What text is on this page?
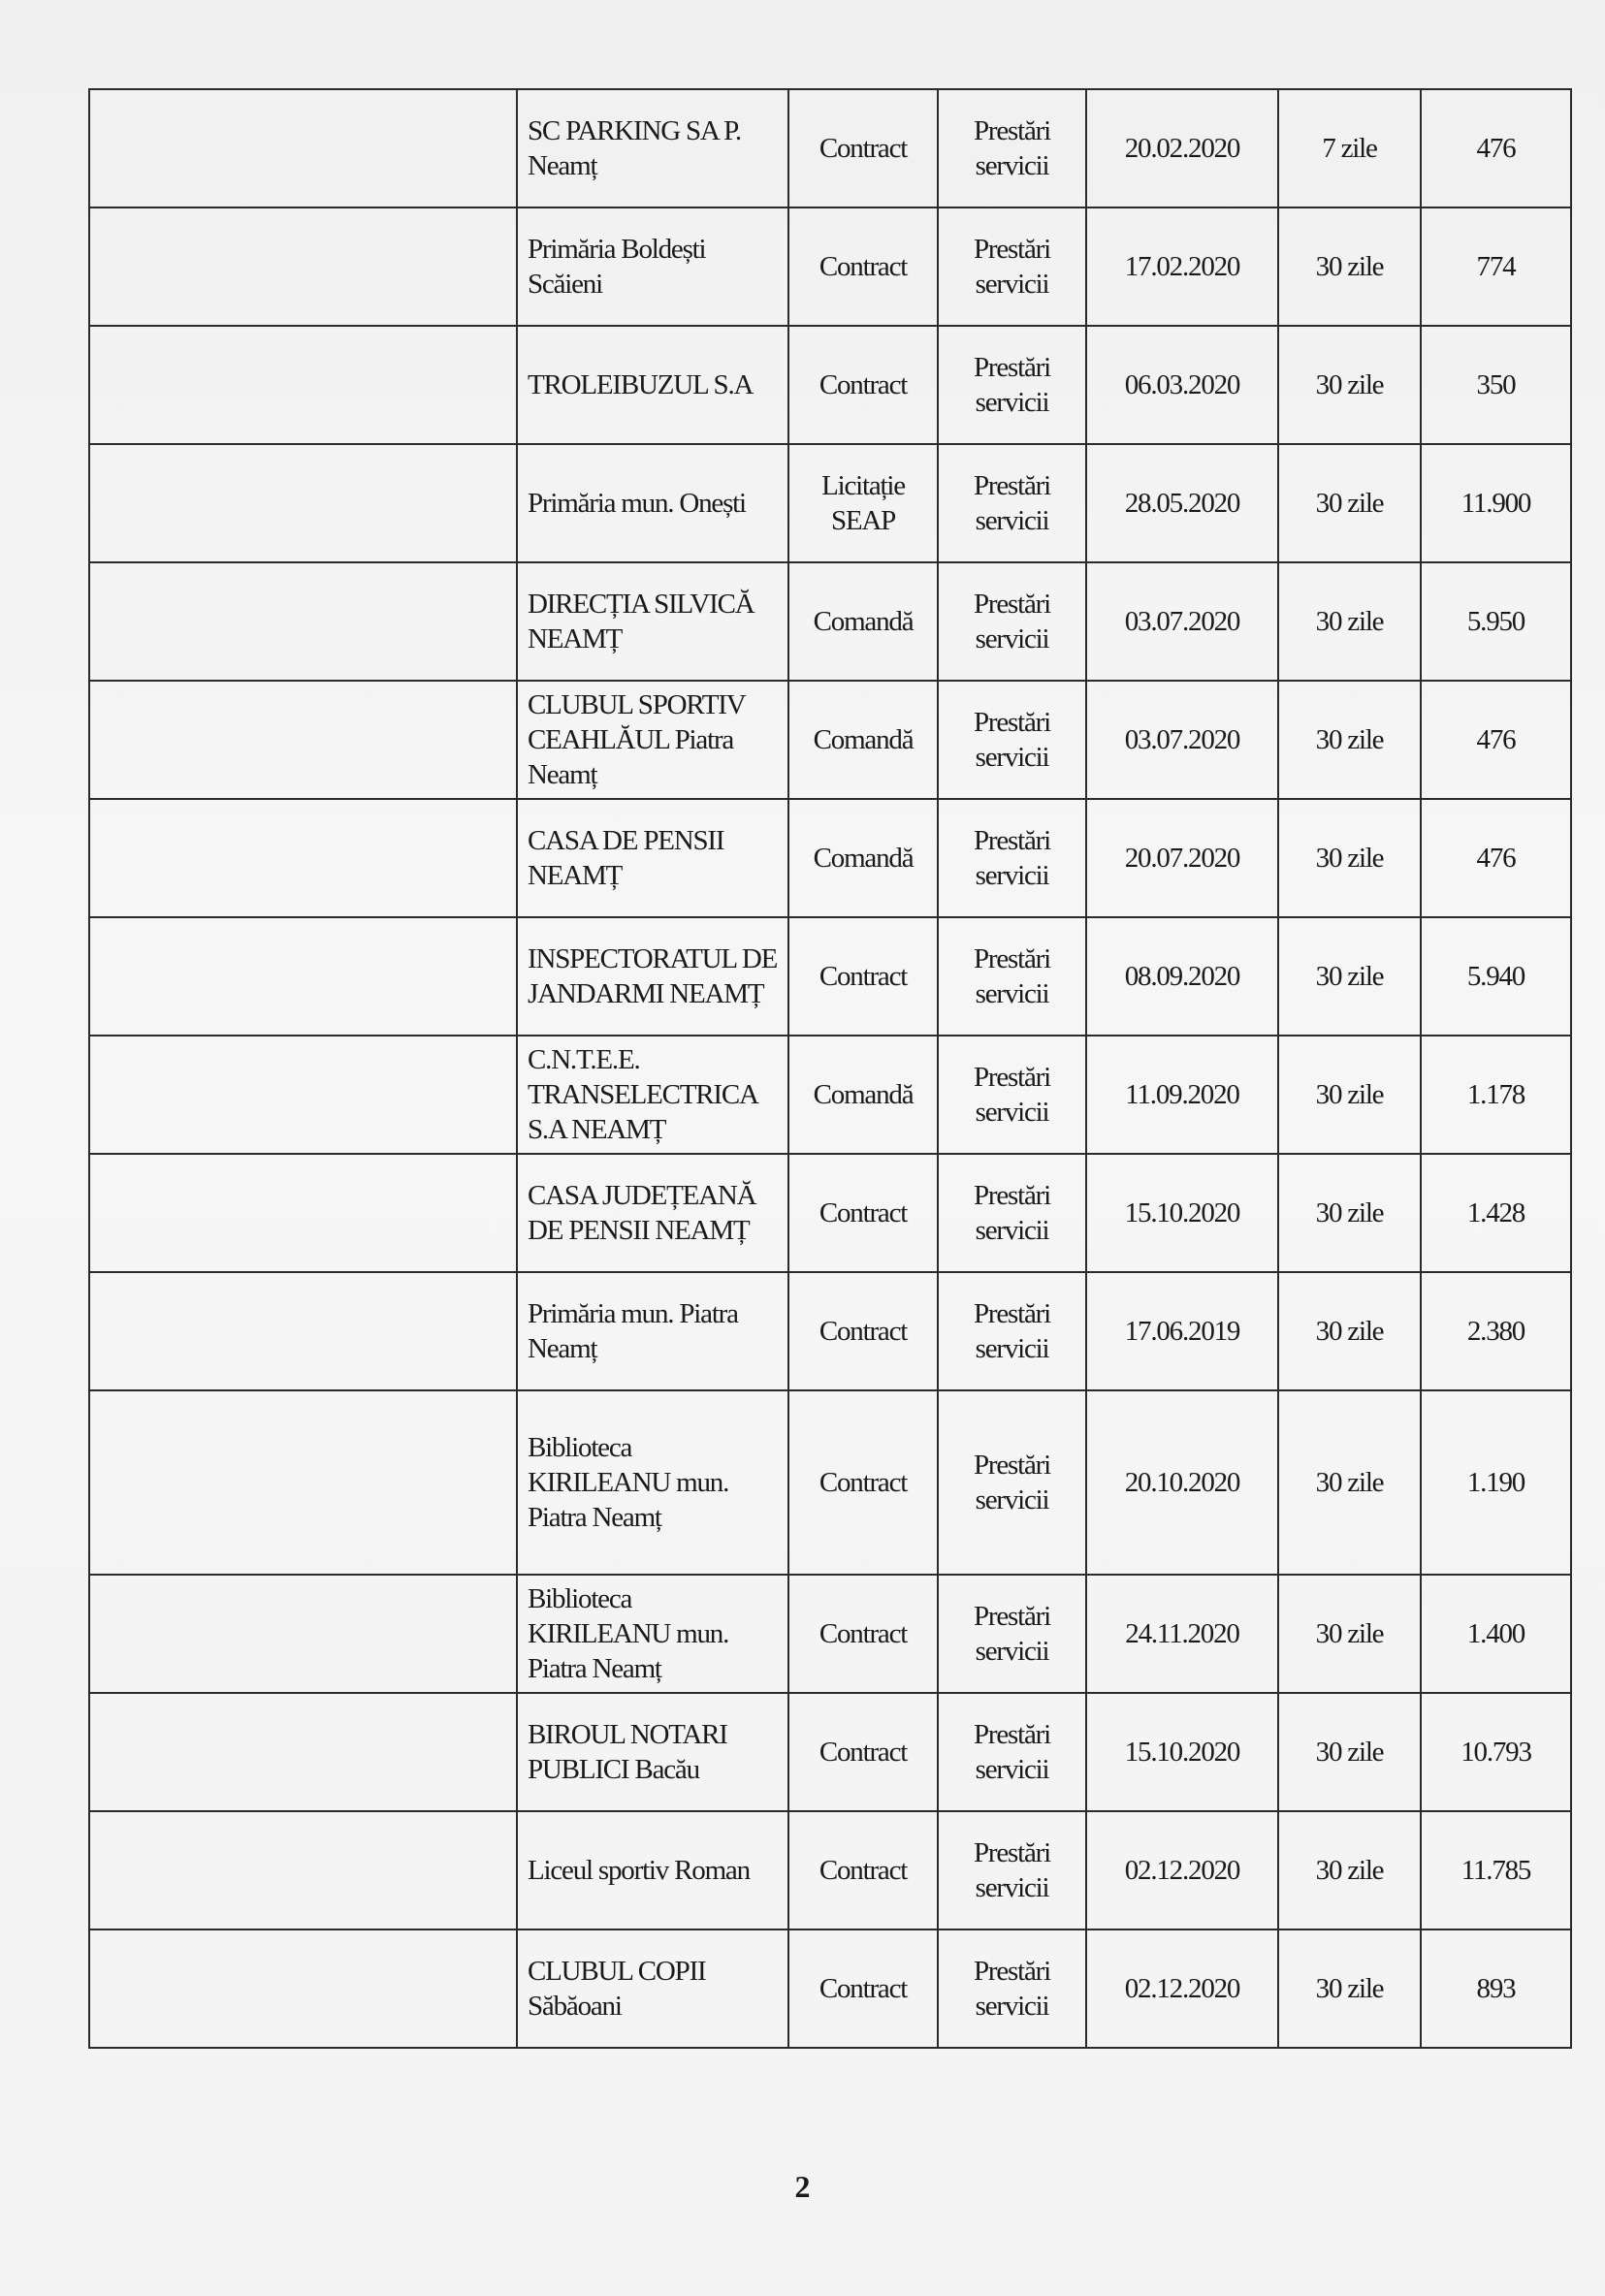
	SC PARKING SA P. Neamț	Contract	Prestări servicii	20.02.2020	7 zile	476
	Primăria Boldești Scăieni	Contract	Prestări servicii	17.02.2020	30 zile	774
	TROLEIBUZUL S.A	Contract	Prestări servicii	06.03.2020	30 zile	350
	Primăria mun. Onești	Licitație SEAP	Prestări servicii	28.05.2020	30 zile	11.900
	DIRECȚIA SILVICĂ NEAMȚ	Comandă	Prestări servicii	03.07.2020	30 zile	5.950
	CLUBUL SPORTIV CEAHLĂUL Piatra Neamț	Comandă	Prestări servicii	03.07.2020	30 zile	476
	CASA DE PENSII NEAMȚ	Comandă	Prestări servicii	20.07.2020	30 zile	476
	INSPECTORATUL DE JANDARMI NEAMȚ	Contract	Prestări servicii	08.09.2020	30 zile	5.940
	C.N.T.E.E. TRANSELECTRICA S.A NEAMȚ	Comandă	Prestări servicii	11.09.2020	30 zile	1.178
	CASA JUDEȚEANĂ DE PENSII NEAMȚ	Contract	Prestări servicii	15.10.2020	30 zile	1.428
	Primăria mun. Piatra Neamț	Contract	Prestări servicii	17.06.2019	30 zile	2.380
	Biblioteca KIRILEANU mun. Piatra Neamț	Contract	Prestări servicii	20.10.2020	30 zile	1.190
	Biblioteca KIRILEANU mun. Piatra Neamț	Contract	Prestări servicii	24.11.2020	30 zile	1.400
	BIROUL NOTARI PUBLICI Bacău	Contract	Prestări servicii	15.10.2020	30 zile	10.793
	Liceul sportiv Roman	Contract	Prestări servicii	02.12.2020	30 zile	11.785
	CLUBUL COPII Săbăoani	Contract	Prestări servicii	02.12.2020	30 zile	893
2
